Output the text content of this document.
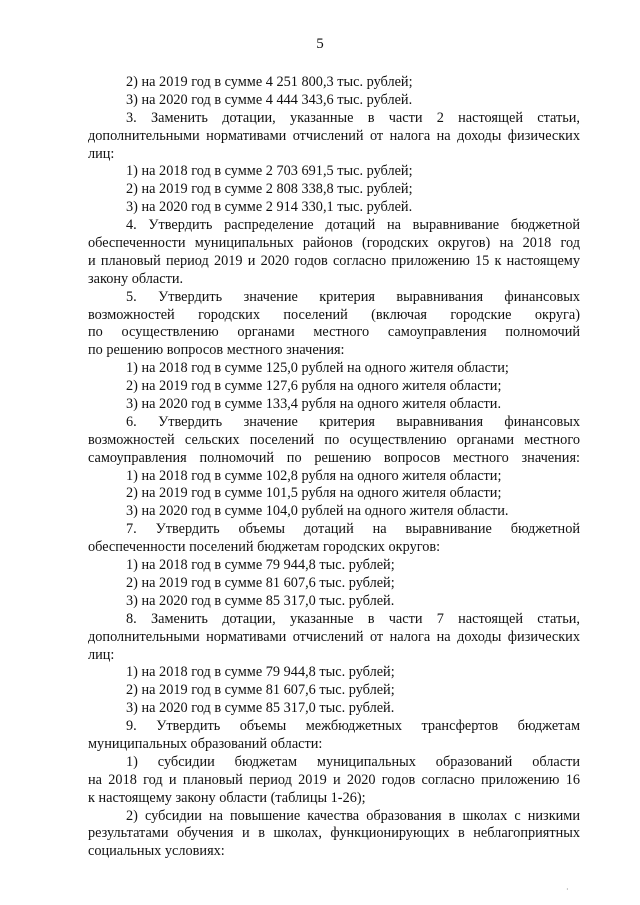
5
2) на 2019 год в сумме 4 251 800,3 тыс. рублей;
3) на 2020 год в сумме 4 444 343,6 тыс. рублей.
3. Заменить дотации, указанные в части 2 настоящей статьи,
дополнительными нормативами отчислений от налога на доходы физических
лиц:
1) на 2018 год в сумме 2 703 691,5 тыс. рублей;
2) на 2019 год в сумме 2 808 338,8 тыс. рублей;
3) на 2020 год в сумме 2 914 330,1 тыс. рублей.
4. Утвердить распределение дотаций на выравнивание бюджетной
обеспеченности муниципальных районов (городских округов) на 2018 год
и плановый период 2019 и 2020 годов согласно приложению 15 к настоящему
закону области.
5. Утвердить значение критерия выравнивания финансовых
возможностей городских поселений (включая городские округа)
по осуществлению органами местного самоуправления полномочий
по решению вопросов местного значения:
1) на 2018 год в сумме 125,0 рублей на одного жителя области;
2) на 2019 год в сумме 127,6 рубля на одного жителя области;
3) на 2020 год в сумме 133,4 рубля на одного жителя области.
6. Утвердить значение критерия выравнивания финансовых
возможностей сельских поселений по осуществлению органами местного
самоуправления полномочий по решению вопросов местного значения:
1) на 2018 год в сумме 102,8 рубля на одного жителя области;
2) на 2019 год в сумме 101,5 рубля на одного жителя области;
3) на 2020 год в сумме 104,0 рублей на одного жителя области.
7. Утвердить объемы дотаций на выравнивание бюджетной
обеспеченности поселений бюджетам городских округов:
1) на 2018 год в сумме 79 944,8 тыс. рублей;
2) на 2019 год в сумме 81 607,6 тыс. рублей;
3) на 2020 год в сумме 85 317,0 тыс. рублей.
8. Заменить дотации, указанные в части 7 настоящей статьи,
дополнительными нормативами отчислений от налога на доходы физических
лиц:
1) на 2018 год в сумме 79 944,8 тыс. рублей;
2) на 2019 год в сумме 81 607,6 тыс. рублей;
3) на 2020 год в сумме 85 317,0 тыс. рублей.
9. Утвердить объемы межбюджетных трансфертов бюджетам
муниципальных образований области:
1) субсидии бюджетам муниципальных образований области
на 2018 год и плановый период 2019 и 2020 годов согласно приложению 16
к настоящему закону области (таблицы 1-26);
2) субсидии на повышение качества образования в школах с низкими
результатами обучения и в школах, функционирующих в неблагоприятных
социальных условиях:
·
